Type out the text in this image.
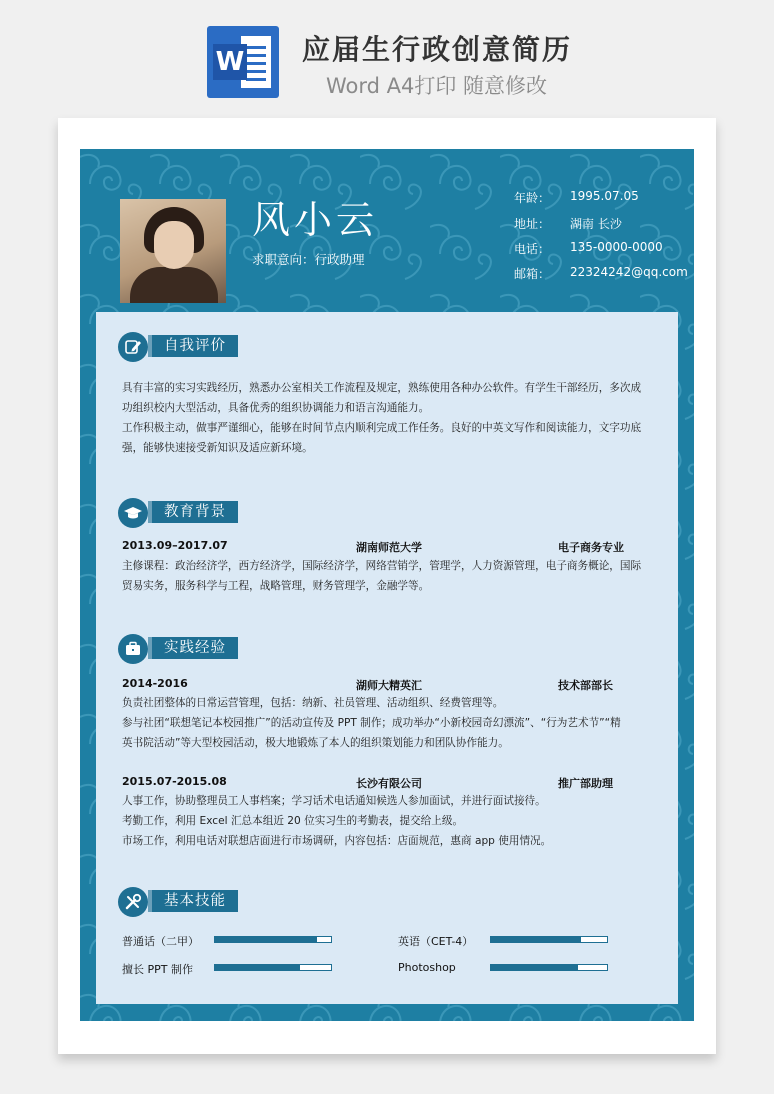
W 应届生行政创意简历
Word A4打印 随意修改
风小云
求职意向：行政助理
年龄： 1995.07.05
地址： 湖南 长沙
电话： 135-0000-0000
邮箱： 22324242@qq.com
自我评价
具有丰富的实习实践经历，熟悉办公室相关工作流程及规定，熟练使用各种办公软件。有学生干部经历，多次成
功组织校内大型活动，具备优秀的组织协调能力和语言沟通能力。
工作积极主动，做事严谨细心，能够在时间节点内顺利完成工作任务。良好的中英文写作和阅读能力，文字功底
强，能够快速接受新知识及适应新环境。
教育背景
2013.09–2017.07	湖南师范大学	电子商务专业
主修课程：政治经济学，西方经济学，国际经济学，网络营销学，管理学，人力资源管理，电子商务概论，国际
贸易实务，服务科学与工程，战略管理，财务管理学，金融学等。
实践经验
2014-2016	湖师大精英汇	技术部部长
负责社团整体的日常运营管理，包括：纳新、社员管理、活动组织、经费管理等。
参与社团“联想笔记本校园推广”的活动宣传及 PPT 制作；成功举办“小新校园奇幻漂流”、“行为艺术节”“精
英书院活动”等大型校园活动，极大地锻炼了本人的组织策划能力和团队协作能力。
2015.07-2015.08	长沙有限公司	推广部助理
人事工作，协助整理员工人事档案；学习话术电话通知候选人参加面试，并进行面试接待。
考勤工作，利用 Excel 汇总本组近 20 位实习生的考勤表，提交给上级。
市场工作，利用电话对联想店面进行市场调研，内容包括：店面规范，惠商 app 使用情况。
基本技能
普通话（二甲）	英语（CET-4）
擅长 PPT 制作	Photoshop
